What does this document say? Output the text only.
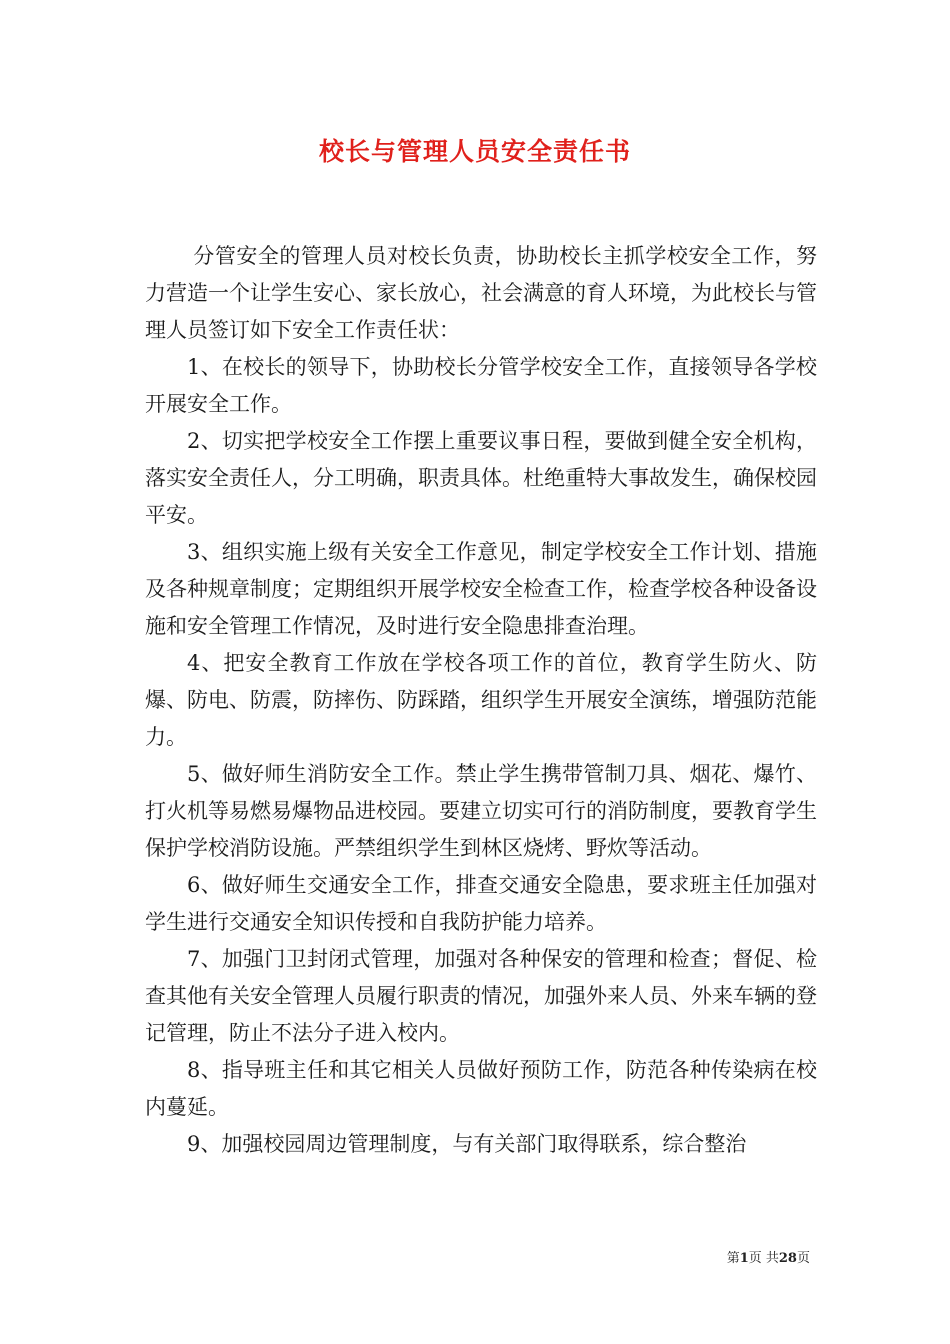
校长与管理人员安全责任书

分管安全的管理人员对校长负责，协助校长主抓学校安全工作，努力营造一个让学生安心、家长放心，社会满意的育人环境，为此校长与管理人员签订如下安全工作责任状：

1、在校长的领导下，协助校长分管学校安全工作，直接领导各学校开展安全工作。

2、切实把学校安全工作摆上重要议事日程，要做到健全安全机构，落实安全责任人，分工明确，职责具体。杜绝重特大事故发生，确保校园平安。

3、组织实施上级有关安全工作意见，制定学校安全工作计划、措施及各种规章制度；定期组织开展学校安全检查工作，检查学校各种设备设施和安全管理工作情况，及时进行安全隐患排查治理。

4、把安全教育工作放在学校各项工作的首位，教育学生防火、防爆、防电、防震，防摔伤、防踩踏，组织学生开展安全演练，增强防范能力。

5、做好师生消防安全工作。禁止学生携带管制刀具、烟花、爆竹、打火机等易燃易爆物品进校园。要建立切实可行的消防制度，要教育学生保护学校消防设施。严禁组织学生到林区烧烤、野炊等活动。

6、做好师生交通安全工作，排查交通安全隐患，要求班主任加强对学生进行交通安全知识传授和自我防护能力培养。

7、加强门卫封闭式管理，加强对各种保安的管理和检查；督促、检查其他有关安全管理人员履行职责的情况，加强外来人员、外来车辆的登记管理，防止不法分子进入校内。

8、指导班主任和其它相关人员做好预防工作，防范各种传染病在校内蔓延。

9、加强校园周边管理制度，与有关部门取得联系，综合整治

第1页 共28页
